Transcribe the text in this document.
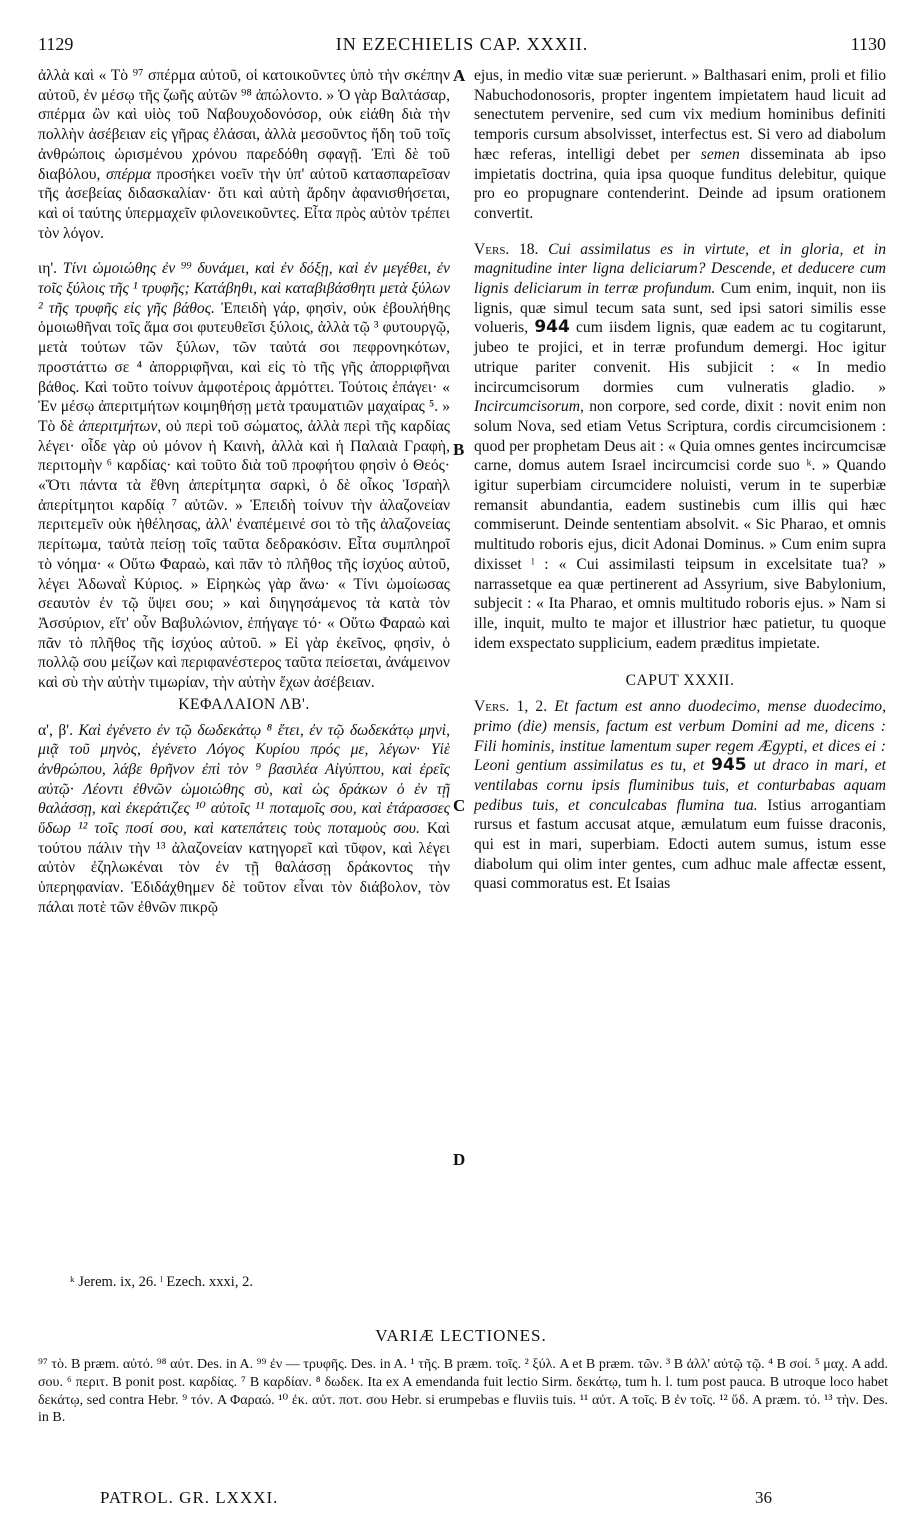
1129	IN EZECHIELIS CAP. XXXII.	1130
A
B
C
D

ἀλλὰ καὶ « Τὸ ⁹⁷ σπέρμα αὐτοῦ, οἱ κατοικοῦντες ὑπὸ τὴν σκέπην αὐτοῦ, ἐν μέσῳ τῆς ζωῆς αὐτῶν ⁹⁸ ἀπώλοντο. » Ὁ γὰρ Βαλτάσαρ, σπέρμα ὢν καὶ υἱὸς τοῦ Ναβουχοδονόσορ, οὐκ εἰάθη διὰ τὴν πολλὴν ἀσέβειαν εἰς γῆρας ἐλάσαι, ἀλλὰ μεσοῦντος ἤδη τοῦ τοῖς ἀνθρώποις ὡρισμένου χρόνου παρεδόθη σφαγῇ. Ἐπὶ δὲ τοῦ διαβόλου, σπέρμα προσήκει νοεῖν τὴν ὑπ' αὐτοῦ κατασπαρεῖσαν τῆς ἀσεβείας διδασκαλίαν· ὅτι καὶ αὐτὴ ἄρδην ἀφανισθήσεται, καὶ οἱ ταύτης ὑπερμαχεῖν φιλονεικοῦντες. Εἶτα πρὸς αὐτὸν τρέπει τὸν λόγον.

ιη'. Τίνι ὡμοιώθης ἐν ⁹⁹ δυνάμει, καὶ ἐν δόξῃ, καὶ ἐν μεγέθει, ἐν τοῖς ξύλοις τῆς ¹ τρυφῆς; Κατάβηθι, καὶ καταβιβάσθητι μετὰ ξύλων ² τῆς τρυφῆς εἰς γῆς βάθος. Ἐπειδὴ γάρ, φησὶν, οὐκ ἐβουλήθης ὁμοιωθῆναι τοῖς ἅμα σοι φυτευθεῖσι ξύλοις, ἀλλὰ τῷ ³ φυτουργῷ, μετὰ τούτων τῶν ξύλων, τῶν ταὐτά σοι πεφρονηκότων, προστάττω σε ⁴ ἀπορριφῆναι, καὶ εἰς τὸ τῆς γῆς ἀπορριφῆναι βάθος. Καὶ τοῦτο τοίνυν ἀμφοτέροις ἁρμόττει. Τούτοις ἐπάγει· « Ἐν μέσῳ ἀπεριτμήτων κοιμηθήσῃ μετὰ τραυματιῶν μαχαίρας ⁵. » Τὸ δὲ ἀπεριτμήτων, οὐ περὶ τοῦ σώματος, ἀλλὰ περὶ τῆς καρδίας λέγει· οἶδε γὰρ οὐ μόνον ἡ Καινὴ, ἀλλὰ καὶ ἡ Παλαιὰ Γραφὴ, περιτομὴν ⁶ καρδίας· καὶ τοῦτο διὰ τοῦ προφήτου φησὶν ὁ Θεός· «Ὅτι πάντα τὰ ἔθνη ἀπερίτμητα σαρκὶ, ὁ δὲ οἶκος Ἰσραὴλ ἀπερίτμητοι καρδίᾳ ⁷ αὐτῶν. » Ἐπειδὴ τοίνυν τὴν ἀλαζονείαν περιτεμεῖν οὐκ ἠθέλησας, ἀλλ' ἐναπέμεινέ σοι τὸ τῆς ἀλαζονείας περίτωμα, ταὐτὰ πείσῃ τοῖς ταῦτα δεδρακόσιν. Εἶτα συμπληροῖ τὸ νόημα· « Οὕτω Φαραὼ, καὶ πᾶν τὸ πλῆθος τῆς ἰσχύος αὐτοῦ, λέγει Ἀδωναῒ Κύριος. » Εἰρηκὼς γὰρ ἄνω· « Τίνι ὡμοίωσας σεαυτὸν ἐν τῷ ὕψει σου; » καὶ διηγησάμενος τὰ κατὰ τὸν Ἀσσύριον, εἴτ' οὖν Βαβυλώνιον, ἐπήγαγε τό· « Οὕτω Φαραὼ καὶ πᾶν τὸ πλῆθος τῆς ἰσχύος αὐτοῦ. » Εἰ γὰρ ἐκεῖνος, φησὶν, ὁ πολλῷ σου μείζων καὶ περιφανέστερος ταῦτα πείσεται, ἀνάμεινον καὶ σὺ τὴν αὐτὴν τιμωρίαν, τὴν αὐτὴν ἔχων ἀσέβειαν.

ΚΕΦΑΛΑΙΟΝ ΛΒ'.

α', β'. Καὶ ἐγένετο ἐν τῷ δωδεκάτῳ ⁸ ἔτει, ἐν τῷ δωδεκάτῳ μηνὶ, μιᾷ τοῦ μηνὸς, ἐγένετο Λόγος Κυρίου πρός με, λέγων· Υἱὲ ἀνθρώπου, λάβε θρῆνον ἐπὶ τὸν ⁹ βασιλέα Αἰγύπτου, καὶ ἐρεῖς αὐτῷ· Λέοντι ἐθνῶν ὡμοιώθης σὺ, καὶ ὡς δράκων ὁ ἐν τῇ θαλάσσῃ, καὶ ἐκεράτιζες ¹⁰ αὐτοῖς ¹¹ ποταμοῖς σου, καὶ ἐτάρασσες ὕδωρ ¹² τοῖς ποσί σου, καὶ κατεπάτεις τοὺς ποταμοὺς σου. Καὶ τούτου πάλιν τὴν ¹³ ἀλαζονείαν κατηγορεῖ καὶ τῦφον, καὶ λέγει αὐτὸν ἐζηλωκέναι τὸν ἐν τῇ θαλάσσῃ δράκοντος τὴν ὑπερηφανίαν. Ἐδιδάχθημεν δὲ τοῦτον εἶναι τὸν διάβολον, τὸν πάλαι ποτὲ τῶν ἐθνῶν πικρῷ

ejus, in medio vitæ suæ perierunt. » Balthasari enim, proli et filio Nabuchodonosoris, propter ingentem impietatem haud licuit ad senectutem pervenire, sed cum vix medium hominibus definiti temporis cursum absolvisset, interfectus est. Si vero ad diabolum hæc referas, intelligi debet per semen disseminata ab ipso impietatis doctrina, quia ipsa quoque funditus delebitur, quique pro eo propugnare contenderint. Deinde ad ipsum orationem convertit.

Vers. 18. Cui assimilatus es in virtute, et in gloria, et in magnitudine inter ligna deliciarum? Descende, et deducere cum lignis deliciarum in terræ profundum. Cum enim, inquit, non iis lignis, quæ simul tecum sata sunt, sed ipsi satori similis esse volueris, 944 cum iisdem lignis, quæ eadem ac tu cogitarunt, jubeo te projici, et in terræ profundum demergi. Hoc igitur utrique pariter convenit. His subjicit : « In medio incircumcisorum dormies cum vulneratis gladio. » Incircumcisorum, non corpore, sed corde, dixit : novit enim non solum Nova, sed etiam Vetus Scriptura, cordis circumcisionem : quod per prophetam Deus ait : « Quia omnes gentes incircumcisæ carne, domus autem Israel incircumcisi corde suo ᵏ. » Quando igitur superbiam circumcidere noluisti, verum in te superbiæ remansit abundantia, eadem sustinebis cum illis qui hæc commiserunt. Deinde sententiam absolvit. « Sic Pharao, et omnis multitudo roboris ejus, dicit Adonai Dominus. » Cum enim supra dixisset ˡ : « Cui assimilasti teipsum in excelsitate tua? » narrassetque ea quæ pertinerent ad Assyrium, sive Babylonium, subjecit : « Ita Pharao, et omnis multitudo roboris ejus. » Nam si ille, inquit, multo te major et illustrior hæc patietur, tu quoque idem exspectato supplicium, eadem præditus impietate.

CAPUT XXXII.

Vers. 1, 2. Et factum est anno duodecimo, mense duodecimo, primo (die) mensis, factum est verbum Domini ad me, dicens : Fili hominis, institue lamentum super regem Ægypti, et dices ei : Leoni gentium assimilatus es tu, et 945 ut draco in mari, et ventilabas cornu ipsis fluminibus tuis, et conturbabas aquam pedibus tuis, et conculcabas flumina tua. Istius arrogantiam rursus et fastum accusat atque, æmulatum eum fuisse draconis, qui est in mari, superbiam. Edocti autem sumus, istum esse diabolum qui olim inter gentes, cum adhuc male affectæ essent, quasi commoratus est. Et Isaias

ᵏ Jerem. ix, 26. ˡ Ezech. xxxi, 2.
VARIÆ LECTIONES.

⁹⁷ τὸ. B præm. αὐτό. ⁹⁸ αὐτ. Des. in A. ⁹⁹ ἐν — τρυφῆς. Des. in A. ¹ τῆς. B præm. τοῖς. ² ξύλ. A et B præm. τῶν. ³ B ἀλλ' αὐτῷ τῷ. ⁴ B σοί. ⁵ μαχ. A add. σου. ⁶ περιτ. B ponit post. καρδίας. ⁷ B καρδίαν. ⁸ δωδεκ. Ita ex A emendanda fuit lectio Sirm. δεκάτῳ, tum h. l. tum post pauca. B utroque loco habet δεκάτῳ, sed contra Hebr. ⁹ τόν. A Φαραώ. ¹⁰ ἐκ. αὐτ. ποτ. σου Hebr. si erumpebas e fluviis tuis. ¹¹ αὐτ. A τοῖς. B ἐν τοῖς. ¹² ὕδ. A præm. τό. ¹³ τὴν. Des. in B.

PATROL. GR. LXXXI.	36
